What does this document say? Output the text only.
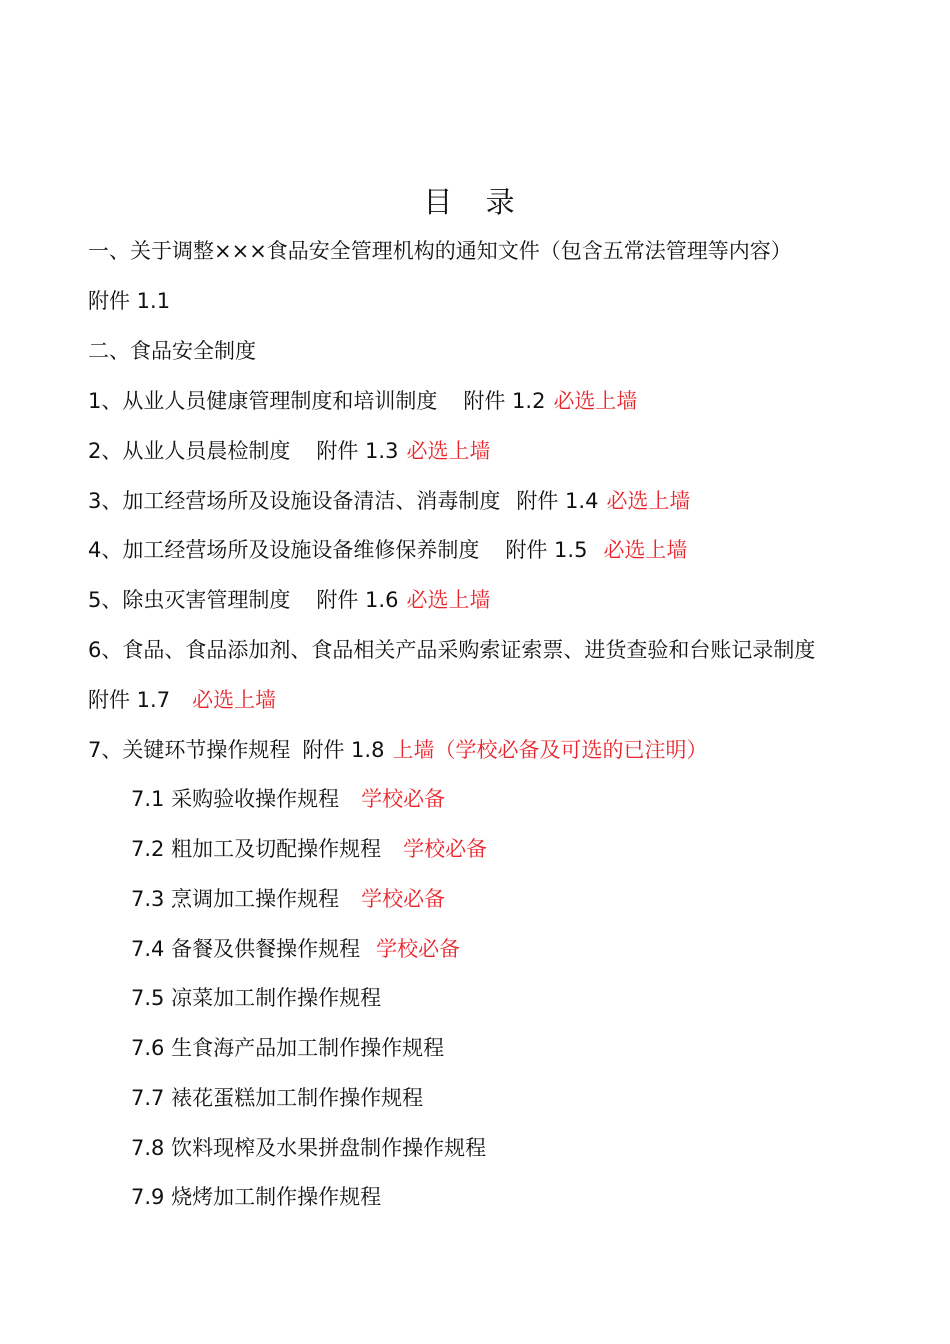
目 录
一、关于调整×××食品安全管理机构的通知文件（包含五常法管理等内容）
附件 1.1
二、食品安全制度
1、从业人员健康管理制度和培训制度 附件 1.2 必选上墙
2、从业人员晨检制度 附件 1.3 必选上墙
3、加工经营场所及设施设备清洁、消毒制度 附件 1.4 必选上墙
4、加工经营场所及设施设备维修保养制度 附件 1.5 必选上墙
5、除虫灭害管理制度 附件 1.6 必选上墙
6、食品、食品添加剂、食品相关产品采购索证索票、进货查验和台账记录制度
附件 1.7 必选上墙
7、关键环节操作规程 附件 1.8 上墙（学校必备及可选的已注明）
7.1 采购验收操作规程 学校必备
7.2 粗加工及切配操作规程 学校必备
7.3 烹调加工操作规程 学校必备
7.4 备餐及供餐操作规程 学校必备
7.5 凉菜加工制作操作规程
7.6 生食海产品加工制作操作规程
7.7 裱花蛋糕加工制作操作规程
7.8 饮料现榨及水果拼盘制作操作规程
7.9 烧烤加工制作操作规程
